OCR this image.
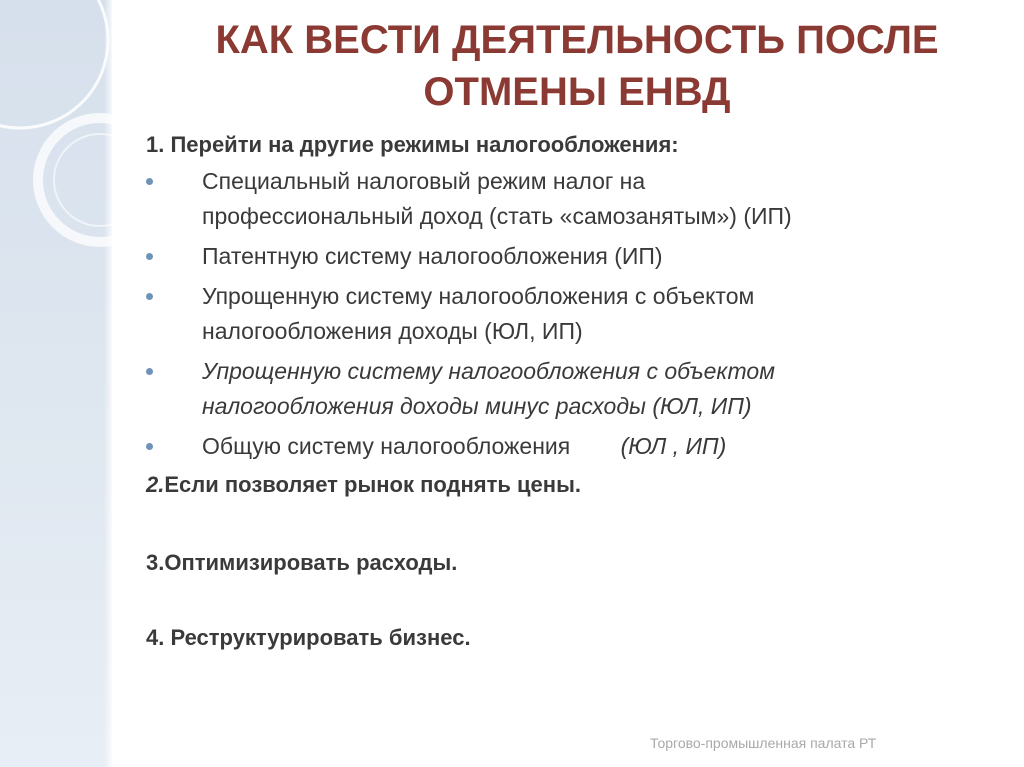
КАК ВЕСТИ ДЕЯТЕЛЬНОСТЬ ПОСЛЕ
ОТМЕНЫ ЕНВД

1. Перейти на другие режимы налогообложения:

Специальный налоговый режим налог на
профессиональный доход (стать «самозанятым») (ИП)
Патентную систему налогообложения (ИП)
Упрощенную систему налогообложения с объектом
налогообложения доходы (ЮЛ, ИП)
Упрощенную систему налогообложения с объектом
налогообложения доходы минус расходы (ЮЛ, ИП)
Общую систему налогообложения (ЮЛ , ИП)

2.Если позволяет рынок поднять цены.

3.Оптимизировать расходы.

4. Реструктурировать бизнес.

Торгово-промышленная палата РТ
